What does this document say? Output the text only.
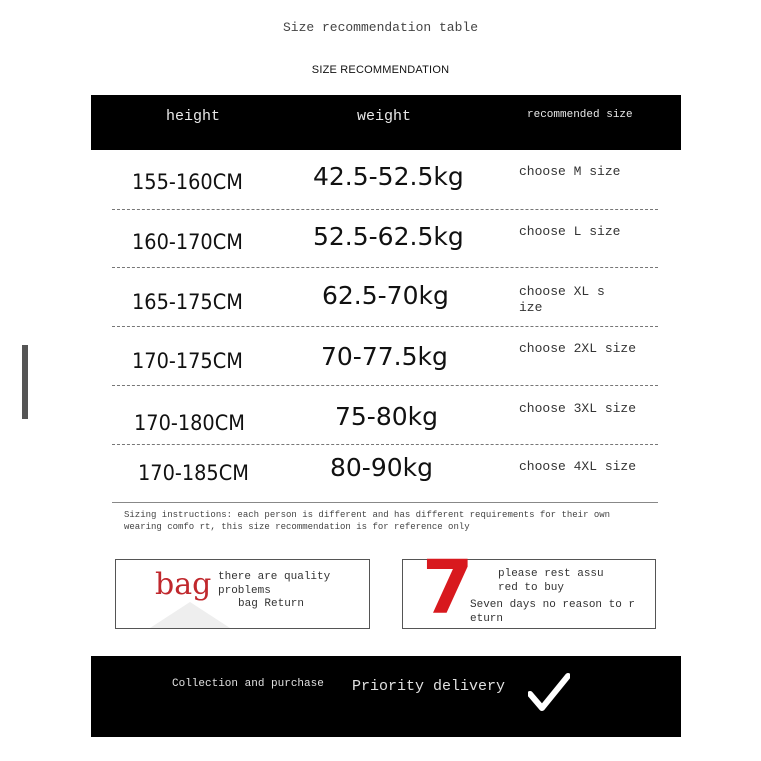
Size recommendation table
SIZE RECOMMENDATION
height	weight	recommended size
155-160CM	42.5-52.5kg	choose M size
160-170CM	52.5-62.5kg	choose L size
165-175CM	62.5-70kg	choose XL s
ize
170-175CM	70-77.5kg	choose 2XL size
170-180CM	75-80kg	choose 3XL size
170-185CM	80-90kg	choose 4XL size
Sizing instructions: each person is different and has different requirements for their own wearing comfo rt, this size recommendation is for reference only
bag there are quality
problems
bag Return 7 please rest assu
red to buy
Seven days no reason to r
eturn
Collection and purchase Priority delivery
